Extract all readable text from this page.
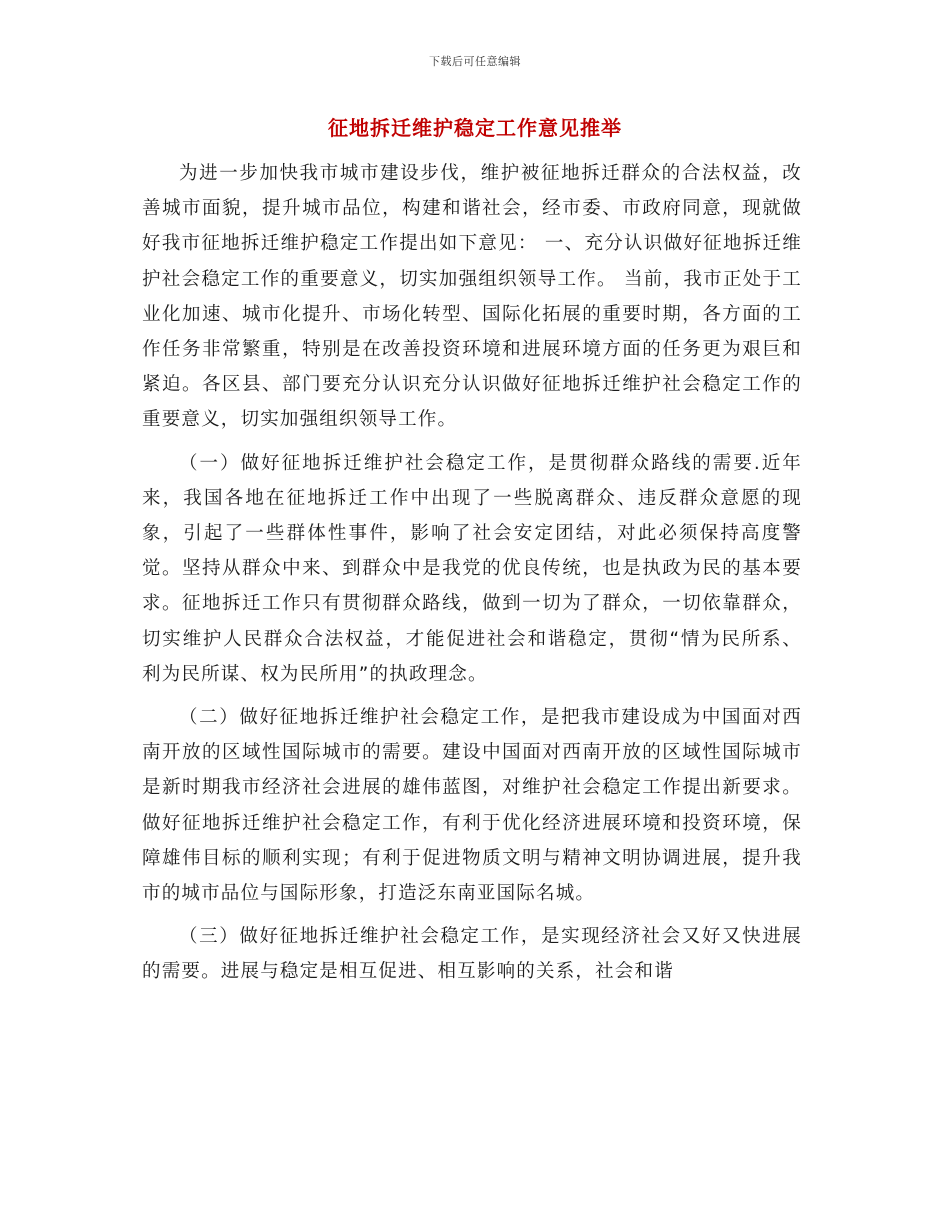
下载后可任意编辑
征地拆迁维护稳定工作意见推举

为进一步加快我市城市建设步伐，维护被征地拆迁群众的合法权益，改善城市面貌，提升城市品位，构建和谐社会，经市委、市政府同意，现就做好我市征地拆迁维护稳定工作提出如下意见： 一、充分认识做好征地拆迁维护社会稳定工作的重要意义，切实加强组织领导工作。 当前，我市正处于工业化加速、城市化提升、市场化转型、国际化拓展的重要时期，各方面的工作任务非常繁重，特别是在改善投资环境和进展环境方面的任务更为艰巨和紧迫。各区县、部门要充分认识充分认识做好征地拆迁维护社会稳定工作的重要意义，切实加强组织领导工作。

（一）做好征地拆迁维护社会稳定工作，是贯彻群众路线的需要.近年来，我国各地在征地拆迁工作中出现了一些脱离群众、违反群众意愿的现象，引起了一些群体性事件，影响了社会安定团结，对此必须保持高度警觉。坚持从群众中来、到群众中是我党的优良传统，也是执政为民的基本要求。征地拆迁工作只有贯彻群众路线，做到一切为了群众，一切依靠群众，切实维护人民群众合法权益，才能促进社会和谐稳定，贯彻“情为民所系、利为民所谋、权为民所用”的执政理念。

（二）做好征地拆迁维护社会稳定工作，是把我市建设成为中国面对西南开放的区域性国际城市的需要。建设中国面对西南开放的区域性国际城市是新时期我市经济社会进展的雄伟蓝图，对维护社会稳定工作提出新要求。做好征地拆迁维护社会稳定工作，有利于优化经济进展环境和投资环境，保障雄伟目标的顺利实现；有利于促进物质文明与精神文明协调进展，提升我市的城市品位与国际形象，打造泛东南亚国际名城。

（三）做好征地拆迁维护社会稳定工作，是实现经济社会又好又快进展的需要。进展与稳定是相互促进、相互影响的关系，社会和谐
